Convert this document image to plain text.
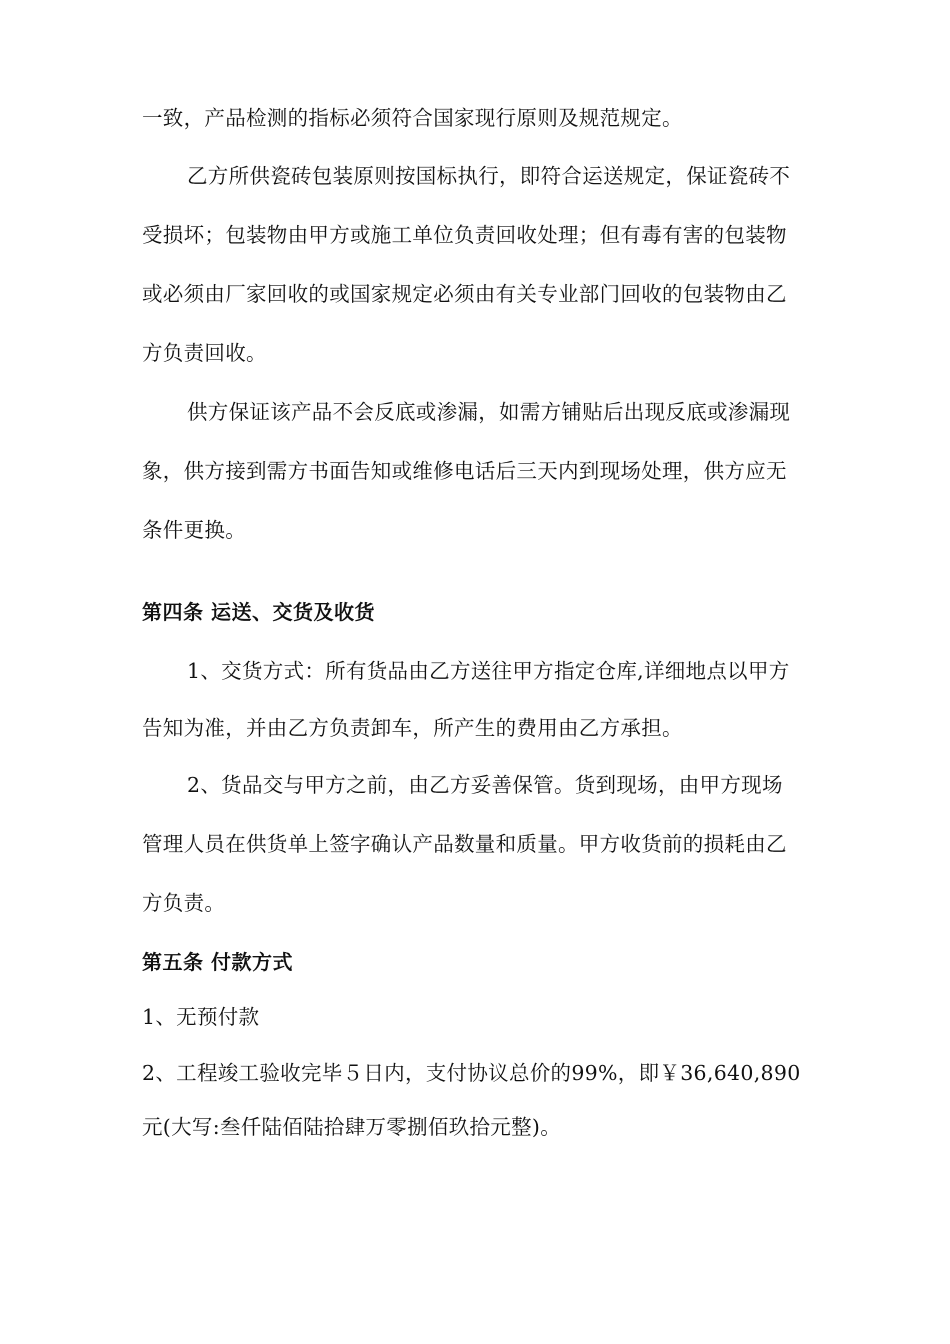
一致，产品检测的指标必须符合国家现行原则及规范规定。
乙方所供瓷砖包装原则按国标执行，即符合运送规定，保证瓷砖不
受损坏；包装物由甲方或施工单位负责回收处理；但有毒有害的包装物
或必须由厂家回收的或国家规定必须由有关专业部门回收的包装物由乙
方负责回收。
供方保证该产品不会反底或渗漏，如需方铺贴后出现反底或渗漏现
象，供方接到需方书面告知或维修电话后三天内到现场处理，供方应无
条件更换。
第四条 运送、交货及收货
1、交货方式：所有货品由乙方送往甲方指定仓库,详细地点以甲方
告知为准，并由乙方负责卸车，所产生的费用由乙方承担。
2、货品交与甲方之前，由乙方妥善保管。货到现场，由甲方现场
管理人员在供货单上签字确认产品数量和质量。甲方收货前的损耗由乙
方负责。
第五条 付款方式
1、无预付款
2、工程竣工验收完毕５日内，支付协议总价的99%，即￥36,640,890
元(大写:叁仟陆佰陆拾肆万零捌佰玖拾元整)。
